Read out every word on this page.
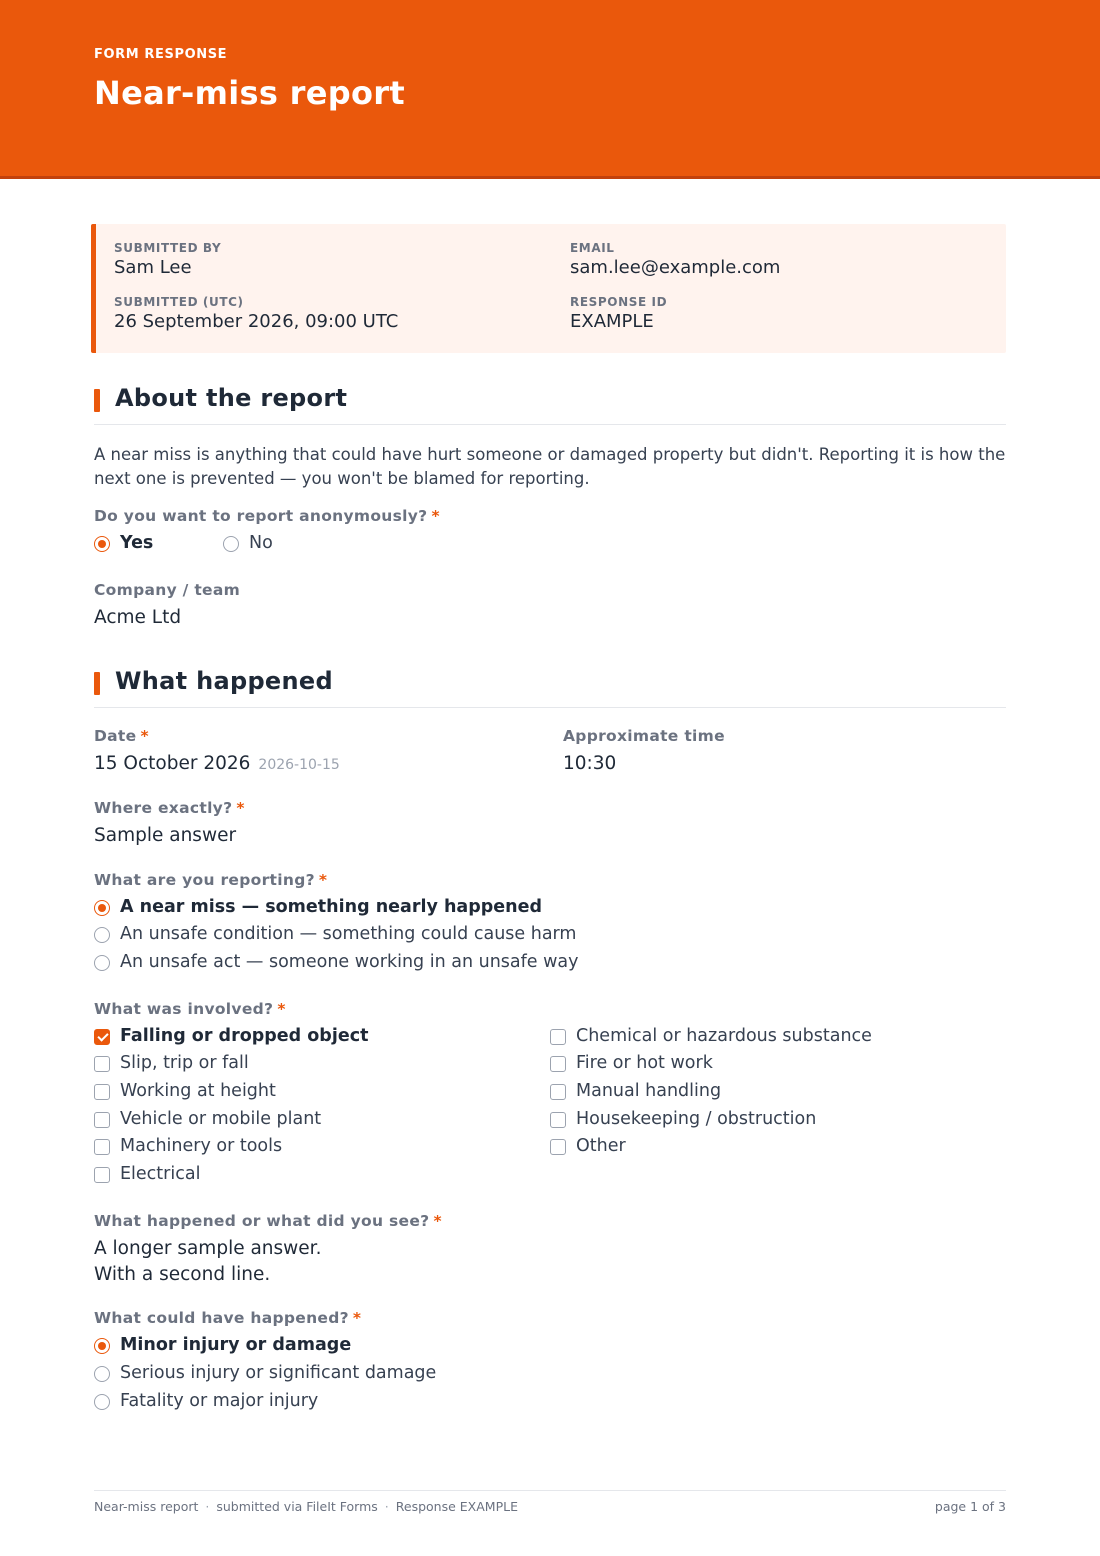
FORM RESPONSE
Near-miss report
SUBMITTED BY
Sam Lee
EMAIL
sam.lee@example.com
SUBMITTED (UTC)
26 September 2026, 09:00 UTC
RESPONSE ID
EXAMPLE
About the report
A near miss is anything that could have hurt someone or damaged property but didn't. Reporting it is how the next one is prevented — you won't be blamed for reporting.
Do you want to report anonymously? *
Yes	No
Company / team
Acme Ltd
What happened
Date *
15 October 2026 2026-10-15
Approximate time
10:30
Where exactly? *
Sample answer
What are you reporting? *
A near miss — something nearly happened
An unsafe condition — something could cause harm
An unsafe act — someone working in an unsafe way
What was involved? *
Falling or dropped object
Slip, trip or fall
Working at height
Vehicle or mobile plant
Machinery or tools
Electrical
Chemical or hazardous substance
Fire or hot work
Manual handling
Housekeeping / obstruction
Other
What happened or what did you see? *
A longer sample answer.
With a second line.
What could have happened? *
Minor injury or damage
Serious injury or significant damage
Fatality or major injury
Near-miss report · submitted via FileIt Forms · Response EXAMPLE	page 1 of 3
